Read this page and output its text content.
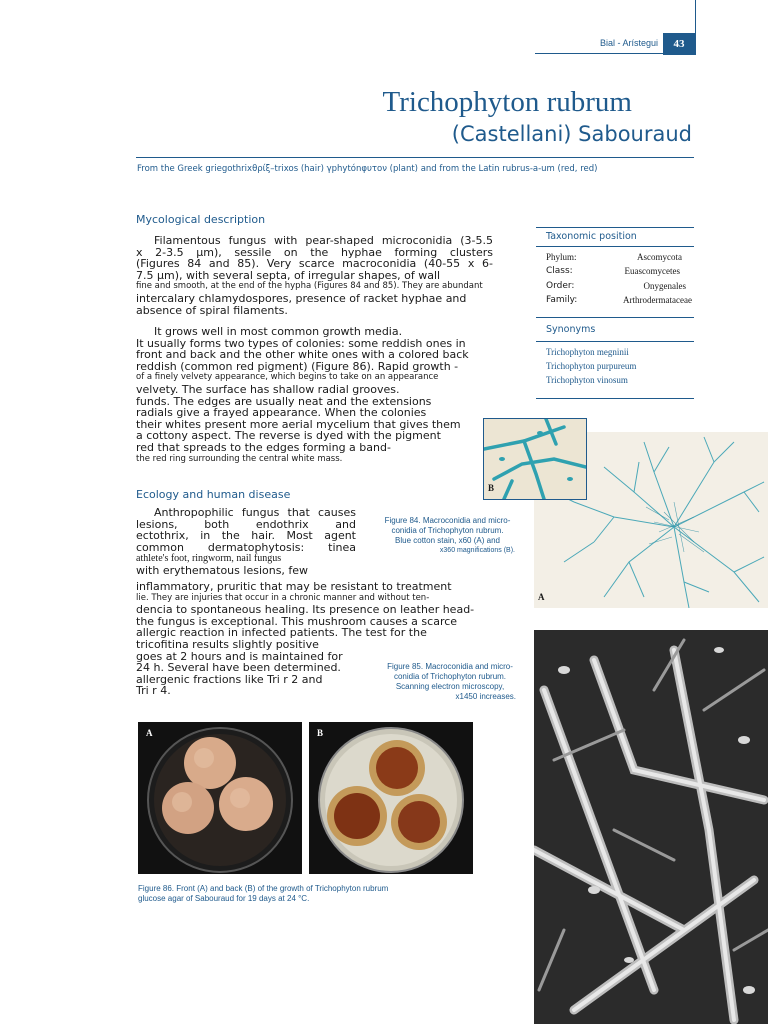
Bial - Arístegui	43
Trichophyton rubrum
(Castellani) Sabouraud
From the Greek griegothrixθρίξ–trixos (hair) γphytónφυτον (plant) and from the Latin rubrus-a-um (red, red)
Mycological description
Filamentous fungus with pear-shaped microconidia (3-5.5
x 2-3.5 μm), sessile on the hyphae forming clusters
(Figures 84 and 85). Very scarce macroconidia (40-55 x 6-
7.5 μm), with several septa, of irregular shapes, of wall
fine and smooth, at the end of the hypha (Figures 84 and 85). They are abundant
intercalary chlamydospores, presence of racket hyphae and
absence of spiral filaments.
It grows well in most common growth media.
It usually forms two types of colonies: some reddish ones in
front and back and the other white ones with a colored back
reddish (common red pigment) (Figure 86). Rapid growth -
of a finely velvety appearance, which begins to take on an appearance
velvety. The surface has shallow radial grooves.
funds. The edges are usually neat and the extensions
radials give a frayed appearance. When the colonies
their whites present more aerial mycelium that gives them
a cottony aspect. The reverse is dyed with the pigment
red that spreads to the edges forming a band-
the red ring surrounding the central white mass.
Ecology and human disease
Anthropophilic fungus that causes
lesions, both endothrix and
ectothrix, in the hair. Most agent
common dermatophytosis: tinea
athlete's foot, ringworm, nail fungus
with erythematous lesions, few
inflammatory, pruritic that may be resistant to treatment
lie. They are injuries that occur in a chronic manner and without ten-
dencia to spontaneous healing. Its presence on leather head-
the fungus is exceptional. This mushroom causes a scarce
allergic reaction in infected patients. The test for the
tricofitina results slightly positive
goes at 2 hours and is maintained for
24 h. Several have been determined.
allergenic fractions like Tri r 2 and
Tri r 4.
Taxonomic position
Phylum:	Ascomycota
Class:	Euascomycetes
Order:	Onygenales
Family:	Arthrodermataceae
Synonyms
Trichophyton megninii
Trichophyton purpureum
Trichophyton vinosum
A
B
Figure 84. Macroconidia and micro-
conidia of Trichophyton rubrum.
Blue cotton stain, x60 (A) and
x360 magnifications (B).
Figure 85. Macroconidia and micro-
conidia of Trichophyton rubrum.
Scanning electron microscopy,
x1450 increases.
A	B
Figure 86. Front (A) and back (B) of the growth of Trichophyton rubrum
glucose agar of Sabouraud for 19 days at 24 °C.
